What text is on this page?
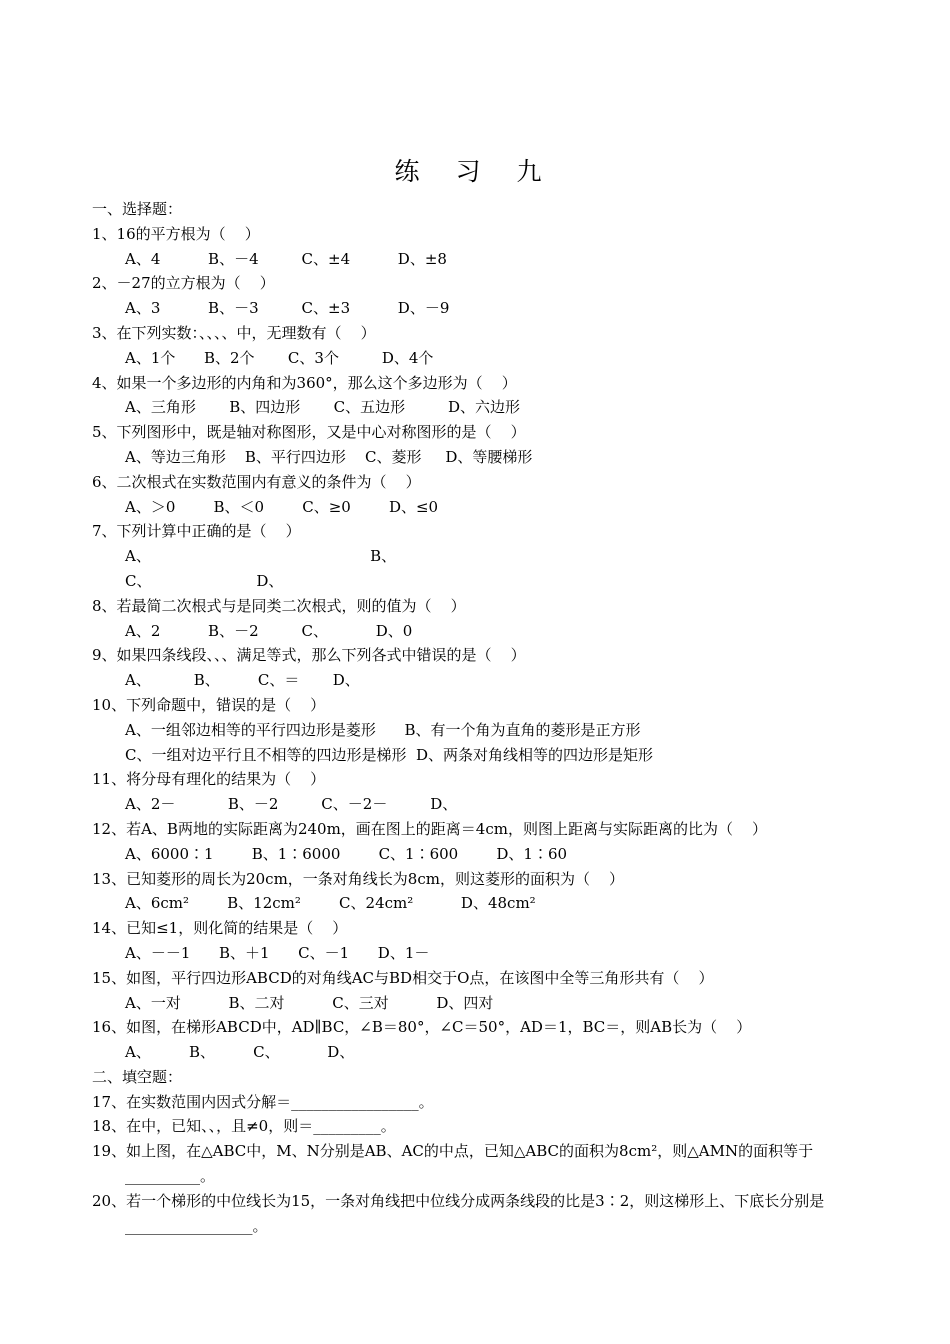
练 习 九
一、选择题：
1、16的平方根为（    ）
A、4          B、－4         C、±4          D、±8
2、－27的立方根为（    ）
A、3          B、－3         C、±3          D、－9
3、在下列实数：、、、、中，无理数有（    ）
A、1个      B、2个       C、3个         D、4个
4、如果一个多边形的内角和为360°，那么这个多边形为（    ）
A、三角形       B、四边形       C、五边形         D、六边形
5、下列图形中，既是轴对称图形，又是中心对称图形的是（    ）
A、等边三角形    B、平行四边形    C、菱形     D、等腰梯形
6、二次根式在实数范围内有意义的条件为（    ）
A、＞0        B、＜0        C、≥0        D、≤0
7、下列计算中正确的是（    ）
A、                                              B、
C、                      D、
8、若最简二次根式与是同类二次根式，则的值为（    ）
A、2          B、－2         C、          D、0
9、如果四条线段、、、满足等式，那么下列各式中错误的是（    ）
A、         B、        C、＝       D、
10、下列命题中，错误的是（    ）
A、一组邻边相等的平行四边形是菱形      B、有一个角为直角的菱形是正方形
C、一组对边平行且不相等的四边形是梯形  D、两条对角线相等的四边形是矩形
11、将分母有理化的结果为（    ）
A、2－           B、－2         C、－2－         D、
12、若A、B两地的实际距离为240m，画在图上的距离＝4cm，则图上距离与实际距离的比为（    ）
A、6000∶1        B、1∶6000        C、1∶600        D、1∶60
13、已知菱形的周长为20cm，一条对角线长为8cm，则这菱形的面积为（    ）
A、6cm²        B、12cm²        C、24cm²          D、48cm²
14、已知≤1，则化简的结果是（    ）
A、－－1      B、＋1      C、－1      D、1－
15、如图，平行四边形ABCD的对角线AC与BD相交于O点，在该图中全等三角形共有（    ）
A、一对          B、二对          C、三对          D、四对
16、如图，在梯形ABCD中，AD∥BC，∠B＝80°，∠C＝50°，AD＝1，BC＝，则AB长为（    ）
A、        B、        C、          D、
二、填空题：
17、在实数范围内因式分解＝_________________。
18、在中，已知、、，且≠0，则＝_________。
19、如上图，在△ABC中，M、N分别是AB、AC的中点，已知△ABC的面积为8cm²，则△AMN的面积等于__________。
20、若一个梯形的中位线长为15，一条对角线把中位线分成两条线段的比是3∶2，则这梯形上、下底长分别是_________________。
